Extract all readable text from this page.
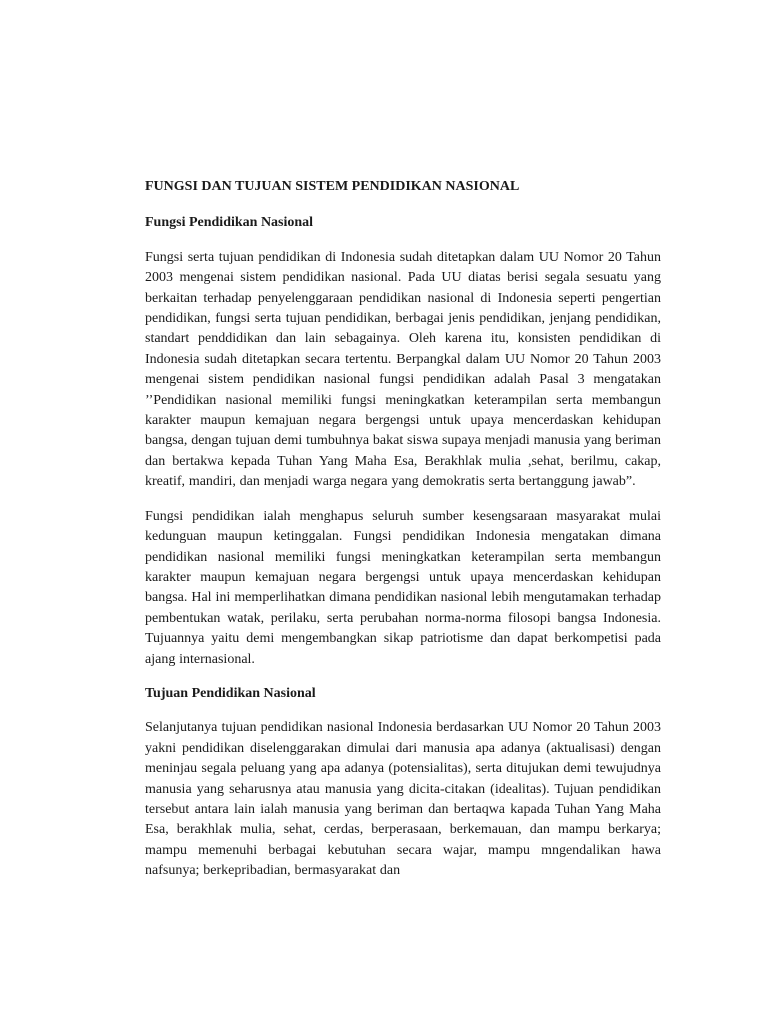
FUNGSI DAN TUJUAN SISTEM PENDIDIKAN NASIONAL
Fungsi Pendidikan Nasional

Fungsi serta tujuan pendidikan di Indonesia sudah ditetapkan dalam UU Nomor 20 Tahun 2003 mengenai sistem pendidikan nasional. Pada UU diatas berisi segala sesuatu yang berkaitan terhadap penyelenggaraan pendidikan nasional di Indonesia seperti pengertian pendidikan, fungsi serta tujuan pendidikan, berbagai jenis pendidikan, jenjang pendidikan, standart penddidikan dan lain sebagainya. Oleh karena itu, konsisten pendidikan di Indonesia sudah ditetapkan secara tertentu. Berpangkal dalam UU Nomor 20 Tahun 2003 mengenai sistem pendidikan nasional fungsi pendidikan adalah Pasal 3 mengatakan ’’Pendidikan nasional memiliki fungsi meningkatkan keterampilan serta membangun karakter maupun kemajuan negara bergengsi untuk upaya mencerdaskan kehidupan bangsa, dengan tujuan demi tumbuhnya bakat siswa supaya menjadi manusia yang beriman dan bertakwa kepada Tuhan Yang Maha Esa, Berakhlak mulia ,sehat, berilmu, cakap, kreatif, mandiri, dan menjadi warga negara yang demokratis serta bertanggung jawab”.

Fungsi pendidikan ialah menghapus seluruh sumber kesengsaraan masyarakat mulai kedunguan maupun ketinggalan. Fungsi pendidikan Indonesia mengatakan dimana pendidikan nasional memiliki fungsi meningkatkan keterampilan serta membangun karakter maupun kemajuan negara bergengsi untuk upaya mencerdaskan kehidupan bangsa. Hal ini memperlihatkan dimana pendidikan nasional lebih mengutamakan terhadap pembentukan watak, perilaku, serta perubahan norma-norma filosopi bangsa Indonesia. Tujuannya yaitu demi mengembangkan sikap patriotisme dan dapat berkompetisi pada ajang internasional.

Tujuan Pendidikan Nasional

Selanjutanya tujuan pendidikan nasional Indonesia berdasarkan UU Nomor 20 Tahun 2003 yakni pendidikan diselenggarakan dimulai dari manusia apa adanya (aktualisasi) dengan meninjau segala peluang yang apa adanya (potensialitas), serta ditujukan demi tewujudnya manusia yang seharusnya atau manusia yang dicita-citakan (idealitas). Tujuan pendidikan tersebut antara lain ialah manusia yang beriman dan bertaqwa kapada Tuhan Yang Maha Esa, berakhlak mulia, sehat, cerdas, berperasaan, berkemauan, dan mampu berkarya; mampu memenuhi berbagai kebutuhan secara wajar, mampu mngendalikan hawa nafsunya; berkepribadian, bermasyarakat dan
